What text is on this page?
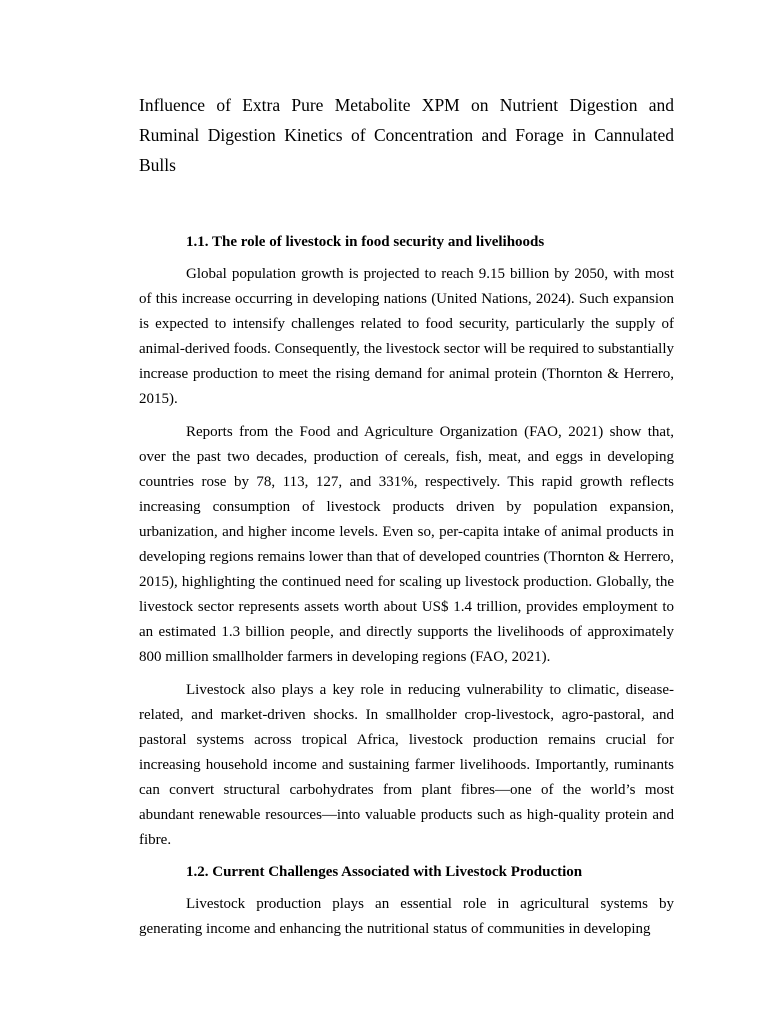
Influence of Extra Pure Metabolite XPM on Nutrient Digestion and Ruminal Digestion Kinetics of Concentration and Forage in Cannulated Bulls
1.1. The role of livestock in food security and livelihoods

Global population growth is projected to reach 9.15 billion by 2050, with most of this increase occurring in developing nations (United Nations, 2024). Such expansion is expected to intensify challenges related to food security, particularly the supply of animal-derived foods. Consequently, the livestock sector will be required to substantially increase production to meet the rising demand for animal protein (Thornton & Herrero, 2015).

Reports from the Food and Agriculture Organization (FAO, 2021) show that, over the past two decades, production of cereals, fish, meat, and eggs in developing countries rose by 78, 113, 127, and 331%, respectively. This rapid growth reflects increasing consumption of livestock products driven by population expansion, urbanization, and higher income levels. Even so, per-capita intake of animal products in developing regions remains lower than that of developed countries (Thornton & Herrero, 2015), highlighting the continued need for scaling up livestock production. Globally, the livestock sector represents assets worth about US$ 1.4 trillion, provides employment to an estimated 1.3 billion people, and directly supports the livelihoods of approximately 800 million smallholder farmers in developing regions (FAO, 2021).

Livestock also plays a key role in reducing vulnerability to climatic, disease-related, and market-driven shocks. In smallholder crop-livestock, agro-pastoral, and pastoral systems across tropical Africa, livestock production remains crucial for increasing household income and sustaining farmer livelihoods. Importantly, ruminants can convert structural carbohydrates from plant fibres—one of the world’s most abundant renewable resources—into valuable products such as high-quality protein and fibre.

1.2. Current Challenges Associated with Livestock Production

Livestock production plays an essential role in agricultural systems by generating income and enhancing the nutritional status of communities in developing
